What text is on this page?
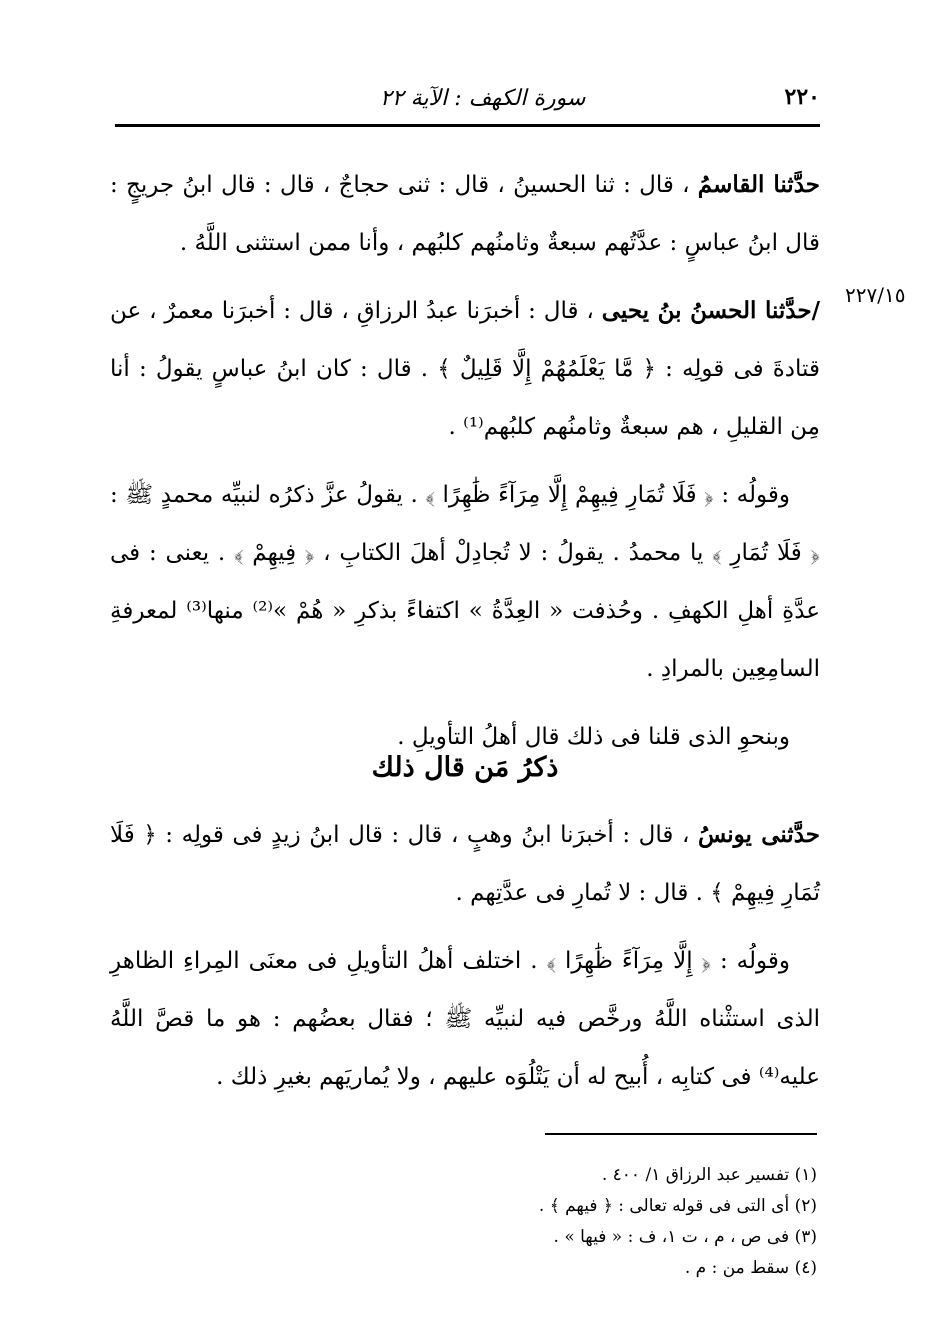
٢٢٠
سورة الكهف : الآية ٢٢
٢٢٧/١٥

حدَّثنا القاسمُ ، قال : ثنا الحسينُ ، قال : ثنى حجاجٌ ، قال : قال ابنُ جريجٍ : قال ابنُ عباسٍ : عدَّتُهم سبعةٌ وثامنُهم كلبُهم ، وأنا ممن استثنى اللَّهُ .

/حدَّثنا الحسنُ بنُ يحيى ، قال : أخبرَنا عبدُ الرزاقِ ، قال : أخبرَنا معمرٌ ، عن قتادةَ فى قولِه : ﴿ مَّا يَعْلَمُهُمْ إِلَّا قَلِيلٌ ﴾ . قال : كان ابنُ عباسٍ يقولُ : أنا مِن القليلِ ، هم سبعةٌ وثامنُهم كلبُهم⁽¹⁾ .

وقولُه : ﴿ فَلَا تُمَارِ فِيهِمْ إِلَّا مِرَآءً ظَٰهِرًا ﴾ . يقولُ عزَّ ذكرُه لنبيِّه محمدٍ ﷺ : ﴿ فَلَا تُمَارِ ﴾ يا محمدُ . يقولُ : لا تُجادِلْ أهلَ الكتابِ ، ﴿ فِيهِمْ ﴾ . يعنى : فى عدَّةِ أهلِ الكهفِ . وحُذفت « العِدَّةُ » اكتفاءً بذكرِ « هُمْ »⁽²⁾ منها⁽³⁾ لمعرفةِ السامِعِين بالمرادِ .

وبنحوِ الذى قلنا فى ذلك قال أهلُ التأويلِ .

ذكرُ مَن قال ذلك

حدَّثنى يونسُ ، قال : أخبرَنا ابنُ وهبٍ ، قال : قال ابنُ زيدٍ فى قولِه : ﴿ فَلَا تُمَارِ فِيهِمْ ﴾ . قال : لا تُمارِ فى عدَّتِهم .

وقولُه : ﴿ إِلَّا مِرَآءً ظَٰهِرًا ﴾ . اختلف أهلُ التأويلِ فى معنَى المِراءِ الظاهرِ الذى استثْناه اللَّهُ ورخَّص فيه لنبيِّه ﷺ ؛ فقال بعضُهم : هو ما قصَّ اللَّهُ عليه⁽⁴⁾ فى كتابِه ، أُبيح له أن يَتْلُوَه عليهم ، ولا يُماريَهم بغيرِ ذلك .

(١) تفسير عبد الرزاق ١/ ٤٠٠ .

(٢) أى التى فى قوله تعالى : ﴿ فيهم ﴾ .

(٣) فى ص ، م ، ت ١، ف : « فيها » .

(٤) سقط من : م .
